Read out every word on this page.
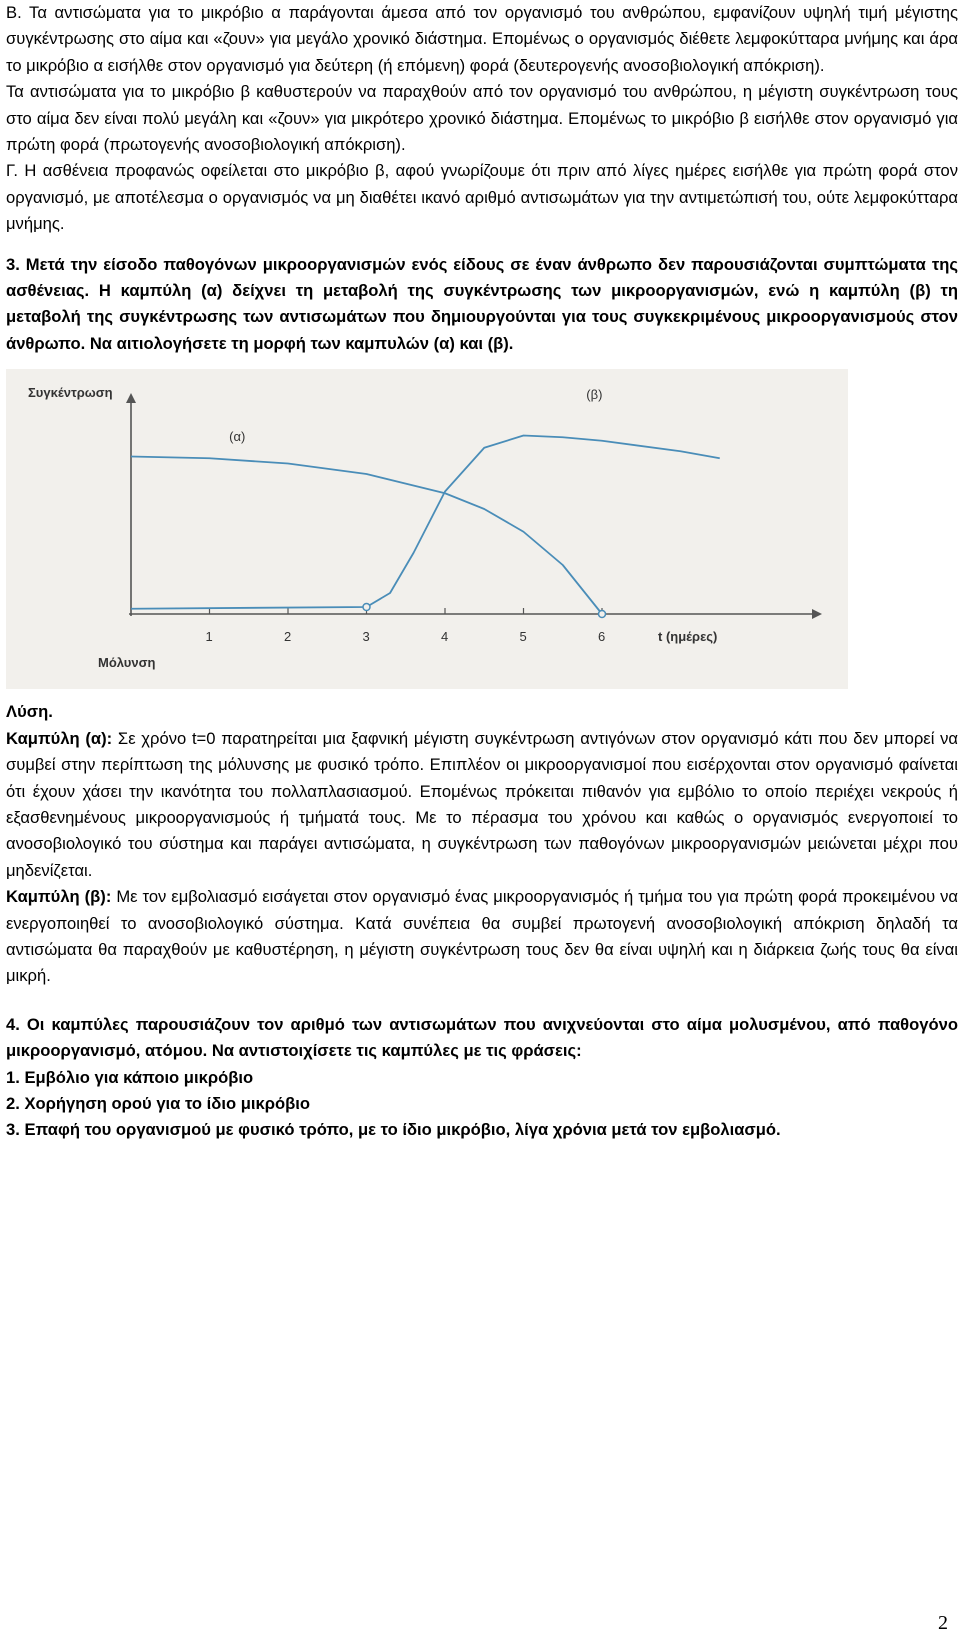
Β. Τα αντισώματα για το μικρόβιο α παράγονται άμεσα από τον οργανισμό του ανθρώπου, εμφανίζουν υψηλή τιμή μέγιστης συγκέντρωσης στο αίμα και «ζουν» για μεγάλο χρονικό διάστημα. Επομένως ο οργανισμός διέθετε λεμφοκύτταρα μνήμης και άρα το μικρόβιο α εισήλθε στον οργανισμό για δεύτερη (ή επόμενη) φορά (δευτερογενής ανοσοβιολογική απόκριση).

Τα αντισώματα για το μικρόβιο β καθυστερούν να παραχθούν από τον οργανισμό του ανθρώπου, η μέγιστη συγκέντρωση τους στο αίμα δεν είναι πολύ μεγάλη και «ζουν» για μικρότερο χρονικό διάστημα. Επομένως το μικρόβιο β εισήλθε στον οργανισμό για πρώτη φορά (πρωτογενής ανοσοβιολογική απόκριση).

Γ. Η ασθένεια προφανώς οφείλεται στο μικρόβιο β, αφού γνωρίζουμε ότι πριν από λίγες ημέρες εισήλθε για πρώτη φορά στον οργανισμό, με αποτέλεσμα ο οργανισμός να μη διαθέτει ικανό αριθμό αντισωμάτων για την αντιμετώπισή του, ούτε λεμφοκύτταρα μνήμης.

3. Μετά την είσοδο παθογόνων μικροοργανισμών ενός είδους σε έναν άνθρωπο δεν παρουσιάζονται συμπτώματα της ασθένειας. Η καμπύλη (α) δείχνει τη μεταβολή της συγκέντρωσης των μικροοργανισμών, ενώ η καμπύλη (β) τη μεταβολή της συγκέντρωσης των αντισωμάτων που δημιουργούνται για τους συγκεκριμένους μικροοργανισμούς στον άνθρωπο. Να αιτιολογήσετε τη μορφή των καμπυλών (α) και (β).

Συγκέντρωση
t (ημέρες)
Μόλυνση
1	2	3	4	5	6
(α)
(β)

Λύση.

Καμπύλη (α): Σε χρόνο t=0 παρατηρείται μια ξαφνική μέγιστη συγκέντρωση αντιγόνων στον οργανισμό κάτι που δεν μπορεί να συμβεί στην περίπτωση της μόλυνσης με φυσικό τρόπο. Επιπλέον οι μικροοργανισμοί που εισέρχονται στον οργανισμό φαίνεται ότι έχουν χάσει την ικανότητα του πολλαπλασιασμού. Επομένως πρόκειται πιθανόν για εμβόλιο το οποίο περιέχει νεκρούς ή εξασθενημένους μικροοργανισμούς ή τμήματά τους. Με το πέρασμα του χρόνου και καθώς ο οργανισμός ενεργοποιεί το ανοσοβιολογικό του σύστημα και παράγει αντισώματα, η συγκέντρωση των παθογόνων μικροοργανισμών μειώνεται μέχρι που μηδενίζεται.

Καμπύλη (β): Με τον εμβολιασμό εισάγεται στον οργανισμό ένας μικροοργανισμός ή τμήμα του για πρώτη φορά προκειμένου να ενεργοποιηθεί το ανοσοβιολογικό σύστημα. Κατά συνέπεια θα συμβεί πρωτογενή ανοσοβιολογική απόκριση δηλαδή τα αντισώματα θα παραχθούν με καθυστέρηση, η μέγιστη συγκέντρωση τους δεν θα είναι υψηλή και η διάρκεια ζωής τους θα είναι μικρή.

4. Οι καμπύλες παρουσιάζουν τον αριθμό των αντισωμάτων που ανιχνεύονται στο αίμα μολυσμένου, από παθογόνο μικροοργανισμό, ατόμου. Να αντιστοιχίσετε τις καμπύλες με τις φράσεις:

1. Εμβόλιο για κάποιο μικρόβιο

2. Χορήγηση ορού για το ίδιο μικρόβιο

3. Επαφή του οργανισμού με φυσικό τρόπο, με το ίδιο μικρόβιο, λίγα χρόνια μετά τον εμβολιασμό.

2
